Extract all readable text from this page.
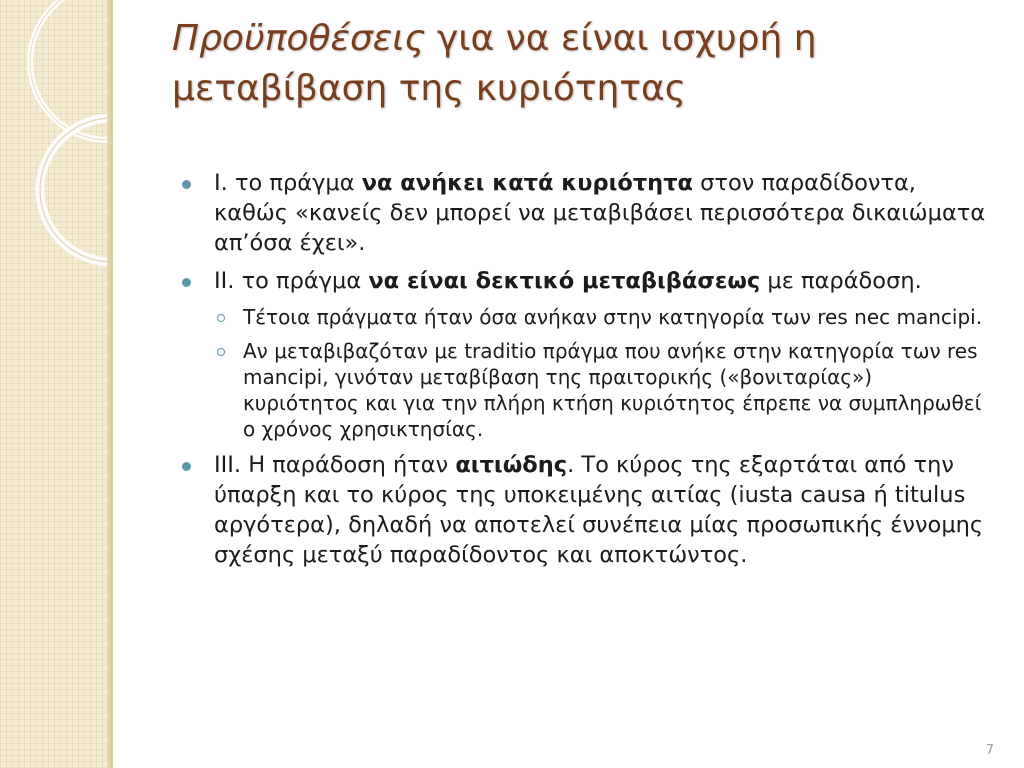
Προϋποθέσεις για να είναι ισχυρή η μεταβίβαση της κυριότητας
I. το πράγμα να ανήκει κατά κυριότητα στον παραδίδοντα, καθώς «κανείς δεν μπορεί να μεταβιβάσει περισσότερα δικαιώματα απ’όσα έχει».
II. το πράγμα να είναι δεκτικό μεταβιβάσεως με παράδοση.
Τέτοια πράγματα ήταν όσα ανήκαν στην κατηγορία των res nec mancipi.
Αν μεταβιβαζόταν με traditio πράγμα που ανήκε στην κατηγορία των res mancipi, γινόταν μεταβίβαση της πραιτορικής («βονιταρίας») κυριότητος και για την πλήρη κτήση κυριότητος έπρεπε να συμπληρωθεί ο χρόνος χρησικτησίας.
III. Η παράδοση ήταν αιτιώδης. Το κύρος της εξαρτάται από την ύπαρξη και το κύρος της υποκειμένης αιτίας (iusta causa ή titulus αργότερα), δηλαδή να αποτελεί συνέπεια μίας προσωπικής έννομης σχέσης μεταξύ παραδίδοντος και αποκτώντος.
7
